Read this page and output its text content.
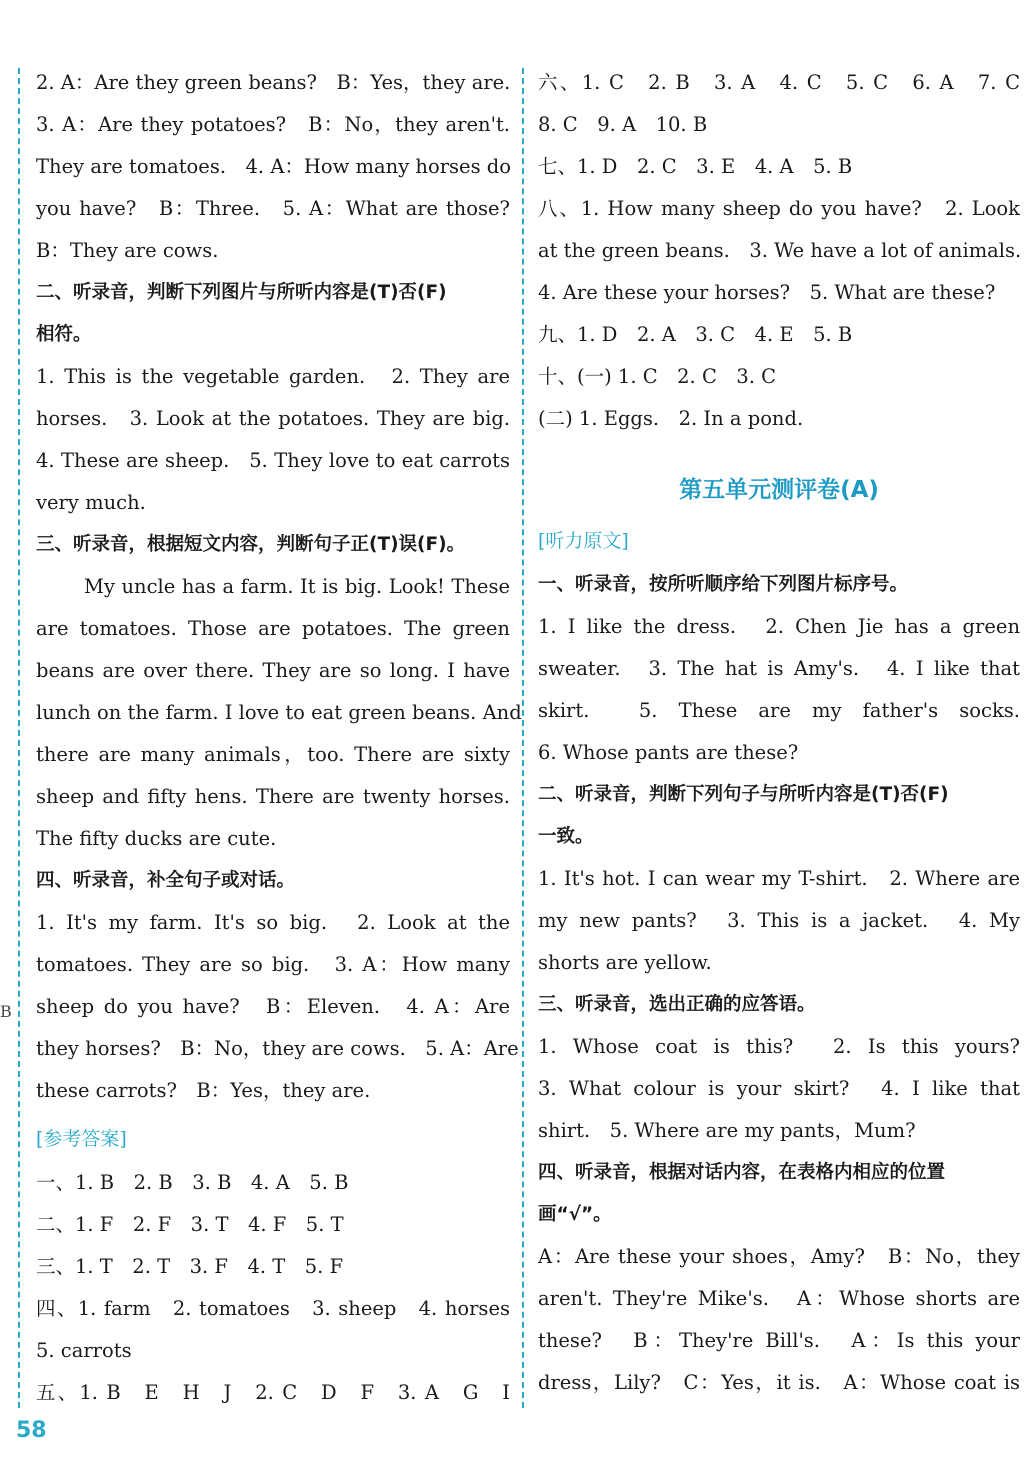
B
2. A：Are they green beans?　B：Yes，they are.
3. A：Are they potatoes?　B：No，they aren't.
They are tomatoes.　4. A：How many horses do
you have?　B：Three.　5. A：What are those?
B：They are cows.
二、听录音，判断下列图片与所听内容是(T)否(F)
相符。
1. This is the vegetable garden.　2. They are
horses.　3. Look at the potatoes. They are big.
4. These are sheep.　5. They love to eat carrots
very much.
三、听录音，根据短文内容，判断句子正(T)误(F)。
My uncle has a farm. It is big. Look! These
are tomatoes. Those are potatoes. The green
beans are over there. They are so long. I have
lunch on the farm. I love to eat green beans. And
there are many animals，too. There are sixty
sheep and fifty hens. There are twenty horses.
The fifty ducks are cute.
四、听录音，补全句子或对话。
1. It's my farm. It's so big.　2. Look at the
tomatoes. They are so big.　3. A：How many
sheep do you have?　B：Eleven.　4. A：Are
they horses?　B：No，they are cows.　5. A：Are
these carrots?　B：Yes，they are.
[参考答案]
一、1. B　2. B　3. B　4. A　5. B
二、1. F　2. F　3. T　4. F　5. T
三、1. T　2. T　3. F　4. T　5. F
四、1. farm　2. tomatoes　3. sheep　4. horses
5. carrots
五、1. B　E　H　J　2. C　D　F　3. A　G　I
六、1. C　2. B　3. A　4. C　5. C　6. A　7. C
8. C　9. A　10. B
七、1. D　2. C　3. E　4. A　5. B
八、1. How many sheep do you have?　2. Look
at the green beans.　3. We have a lot of animals.
4. Are these your horses?　5. What are these?
九、1. D　2. A　3. C　4. E　5. B
十、(一) 1. C　2. C　3. C
(二) 1. Eggs.　2. In a pond.
第五单元测评卷(A)
[听力原文]
一、听录音，按所听顺序给下列图片标序号。
1. I like the dress.　2. Chen Jie has a green
sweater.　3. The hat is Amy's.　4. I like that
skirt.　5. These are my father's socks.
6. Whose pants are these?
二、听录音，判断下列句子与所听内容是(T)否(F)
一致。
1. It's hot. I can wear my T-shirt.　2. Where are
my new pants?　3. This is a jacket.　4. My
shorts are yellow.
三、听录音，选出正确的应答语。
1. Whose coat is this?　2. Is this yours?
3. What colour is your skirt?　4. I like that
shirt.　5. Where are my pants，Mum?
四、听录音，根据对话内容，在表格内相应的位置
画“√”。
A：Are these your shoes，Amy?　B：No，they
aren't. They're Mike's.　A：Whose shorts are
these?　B：They're Bill's.　A：Is this your
dress，Lily?　C：Yes，it is.　A：Whose coat is
58
